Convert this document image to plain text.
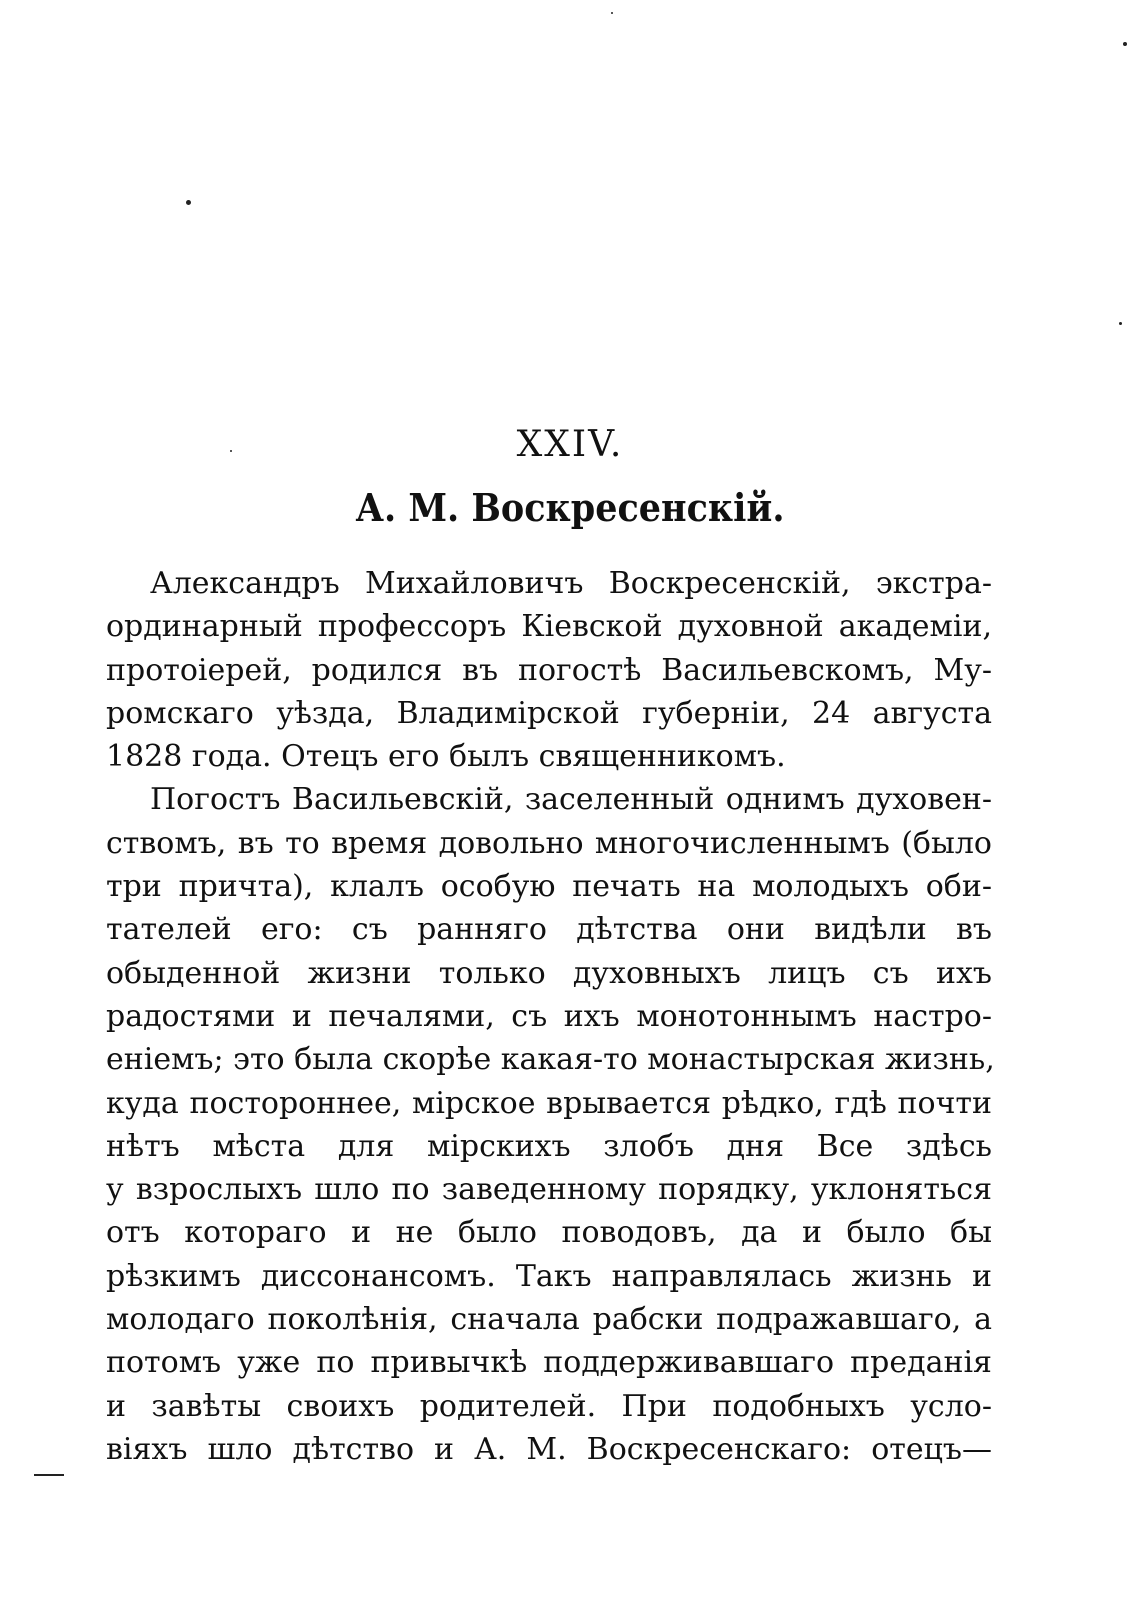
XXIV.
А. М. Воскресенскій.
Александръ Михайловичъ Воскресенскій, экстра-
ординарный профессоръ Кіевской духовной академіи,
протоіерей, родился въ погостѣ Васильевскомъ, Му-
ромскаго уѣзда, Владимірской губерніи, 24 августа
1828 года. Отецъ его былъ священникомъ.
Погостъ Васильевскій, заселенный однимъ духовен-
ствомъ, въ то время довольно многочисленнымъ (было
три причта), клалъ особую печать на молодыхъ оби-
тателей его: съ ранняго дѣтства они видѣли въ
обыденной жизни только духовныхъ лицъ съ ихъ
радостями и печалями, съ ихъ монотоннымъ настро-
еніемъ; это была скорѣе какая-то монастырская жизнь,
куда постороннее, мірское врывается рѣдко, гдѣ почти
нѣтъ мѣста для мірскихъ злобъ дня Все здѣсь
у взрослыхъ шло по заведенному порядку, уклоняться
отъ котораго и не было поводовъ, да и было бы
рѣзкимъ диссонансомъ. Такъ направлялась жизнь и
молодаго поколѣнія, сначала рабски подражавшаго, а
потомъ уже по привычкѣ поддерживавшаго преданія
и завѣты своихъ родителей. При подобныхъ усло-
віяхъ шло дѣтство и А. М. Воскресенскаго: отецъ—
